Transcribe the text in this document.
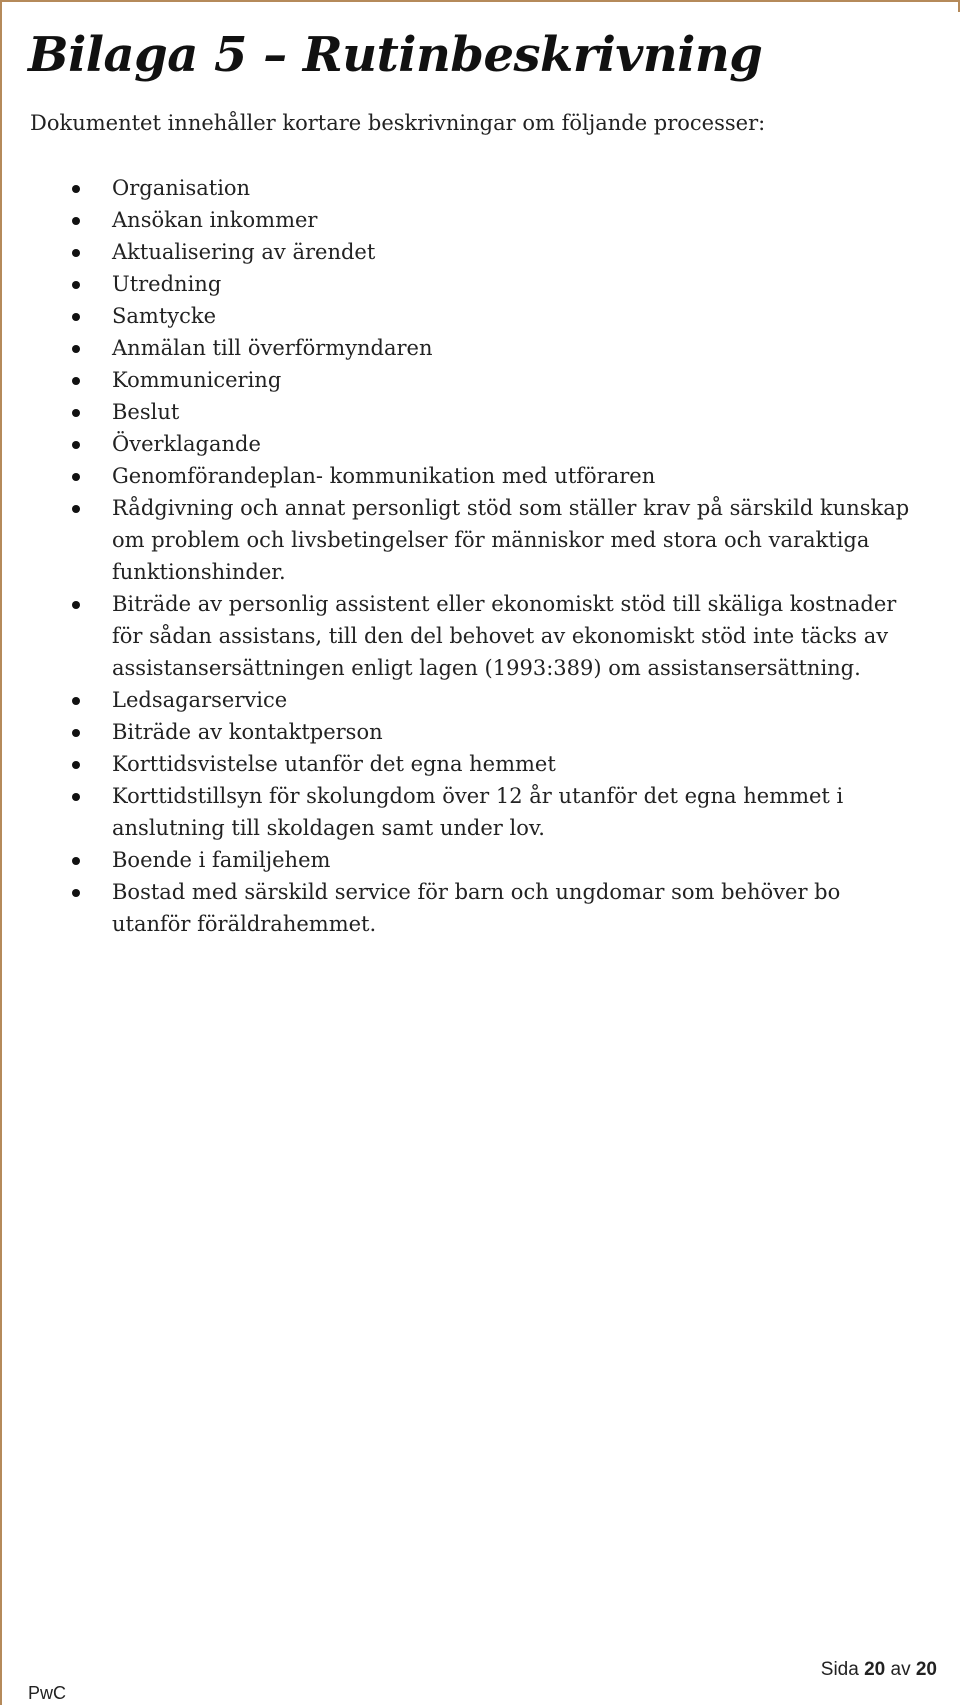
Bilaga 5 – Rutinbeskrivning

Dokumentet innehåller kortare beskrivningar om följande processer:

Organisation
Ansökan inkommer
Aktualisering av ärendet
Utredning
Samtycke
Anmälan till överförmyndaren
Kommunicering
Beslut
Överklagande
Genomförandeplan- kommunikation med utföraren
Rådgivning och annat personligt stöd som ställer krav på särskild kunskap om problem och livsbetingelser för människor med stora och varaktiga funktionshinder.
Biträde av personlig assistent eller ekonomiskt stöd till skäliga kostnader för sådan assistans, till den del behovet av ekonomiskt stöd inte täcks av assistansersättningen enligt lagen (1993:389) om assistansersättning.
Ledsagarservice
Biträde av kontaktperson
Korttidsvistelse utanför det egna hemmet
Korttidstillsyn för skolungdom över 12 år utanför det egna hemmet i anslutning till skoldagen samt under lov.
Boende i familjehem
Bostad med särskild service för barn och ungdomar som behöver bo utanför föräldrahemmet.
Sida 20 av 20
PwC
